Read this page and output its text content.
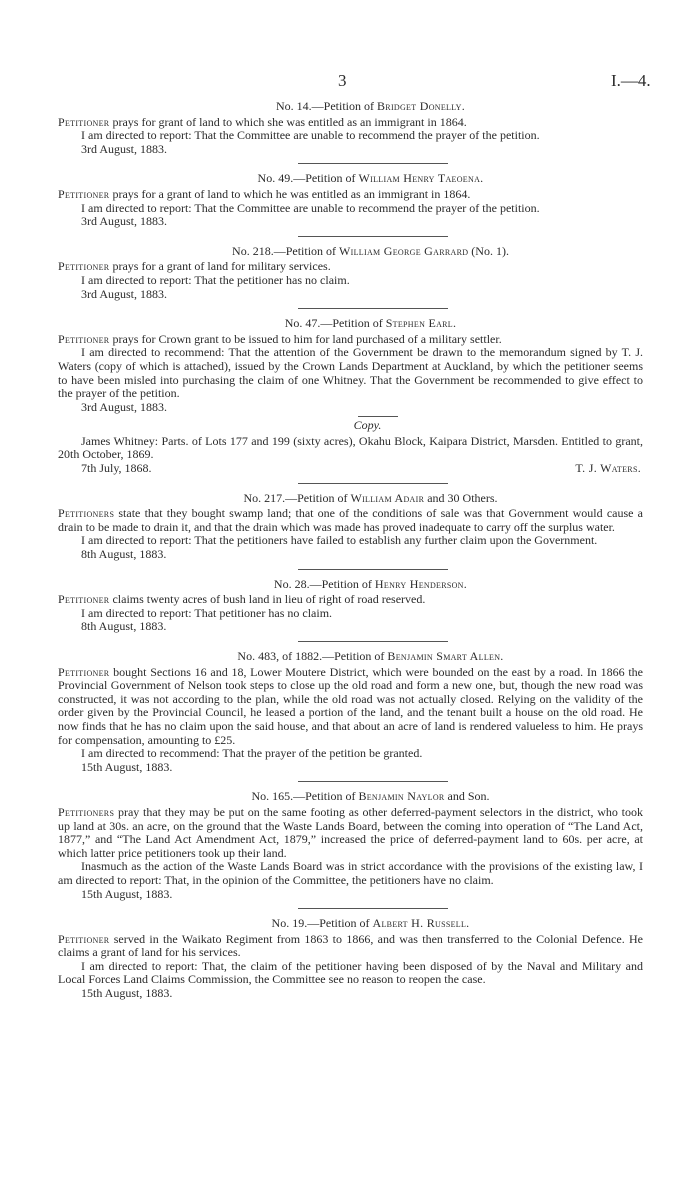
3	I.—4.
No. 14.—Petition of Bridget Donelly.

Petitioner prays for grant of land to which she was entitled as an immigrant in 1864.

I am directed to report: That the Committee are unable to recommend the prayer of the petition.

3rd August, 1883.
No. 49.—Petition of William Henry Taeoena.

Petitioner prays for a grant of land to which he was entitled as an immigrant in 1864.

I am directed to report: That the Committee are unable to recommend the prayer of the petition.

3rd August, 1883.
No. 218.—Petition of William George Garrard (No. 1).

Petitioner prays for a grant of land for military services.

I am directed to report: That the petitioner has no claim.

3rd August, 1883.
No. 47.—Petition of Stephen Earl.

Petitioner prays for Crown grant to be issued to him for land purchased of a military settler.

I am directed to recommend: That the attention of the Government be drawn to the memorandum signed by T. J. Waters (copy of which is attached), issued by the Crown Lands Department at Auckland, by which the petitioner seems to have been misled into purchasing the claim of one Whitney. That the Government be recommended to give effect to the prayer of the petition.

3rd August, 1883.
Copy.

James Whitney: Parts. of Lots 177 and 199 (sixty acres), Okahu Block, Kaipara District, Marsden. Entitled to grant, 20th October, 1869.

7th July, 1868.	T. J. Waters.
No. 217.—Petition of William Adair and 30 Others.

Petitioners state that they bought swamp land; that one of the conditions of sale was that Government would cause a drain to be made to drain it, and that the drain which was made has proved inadequate to carry off the surplus water.

I am directed to report: That the petitioners have failed to establish any further claim upon the Government.

8th August, 1883.
No. 28.—Petition of Henry Henderson.

Petitioner claims twenty acres of bush land in lieu of right of road reserved.

I am directed to report: That petitioner has no claim.

8th August, 1883.
No. 483, of 1882.—Petition of Benjamin Smart Allen.

Petitioner bought Sections 16 and 18, Lower Moutere District, which were bounded on the east by a road. In 1866 the Provincial Government of Nelson took steps to close up the old road and form a new one, but, though the new road was constructed, it was not according to the plan, while the old road was not actually closed. Relying on the validity of the order given by the Provincial Council, he leased a portion of the land, and the tenant built a house on the old road. He now finds that he has no claim upon the said house, and that about an acre of land is rendered valueless to him. He prays for compensation, amounting to £25.

I am directed to recommend: That the prayer of the petition be granted.

15th August, 1883.
No. 165.—Petition of Benjamin Naylor and Son.

Petitioners pray that they may be put on the same footing as other deferred-payment selectors in the district, who took up land at 30s. an acre, on the ground that the Waste Lands Board, between the coming into operation of “The Land Act, 1877,” and “The Land Act Amendment Act, 1879,” increased the price of deferred-payment land to 60s. per acre, at which latter price petitioners took up their land.

Inasmuch as the action of the Waste Lands Board was in strict accordance with the provisions of the existing law, I am directed to report: That, in the opinion of the Committee, the petitioners have no claim.

15th August, 1883.
No. 19.—Petition of Albert H. Russell.

Petitioner served in the Waikato Regiment from 1863 to 1866, and was then transferred to the Colonial Defence. He claims a grant of land for his services.

I am directed to report: That, the claim of the petitioner having been disposed of by the Naval and Military and Local Forces Land Claims Commission, the Committee see no reason to reopen the case.

15th August, 1883.
